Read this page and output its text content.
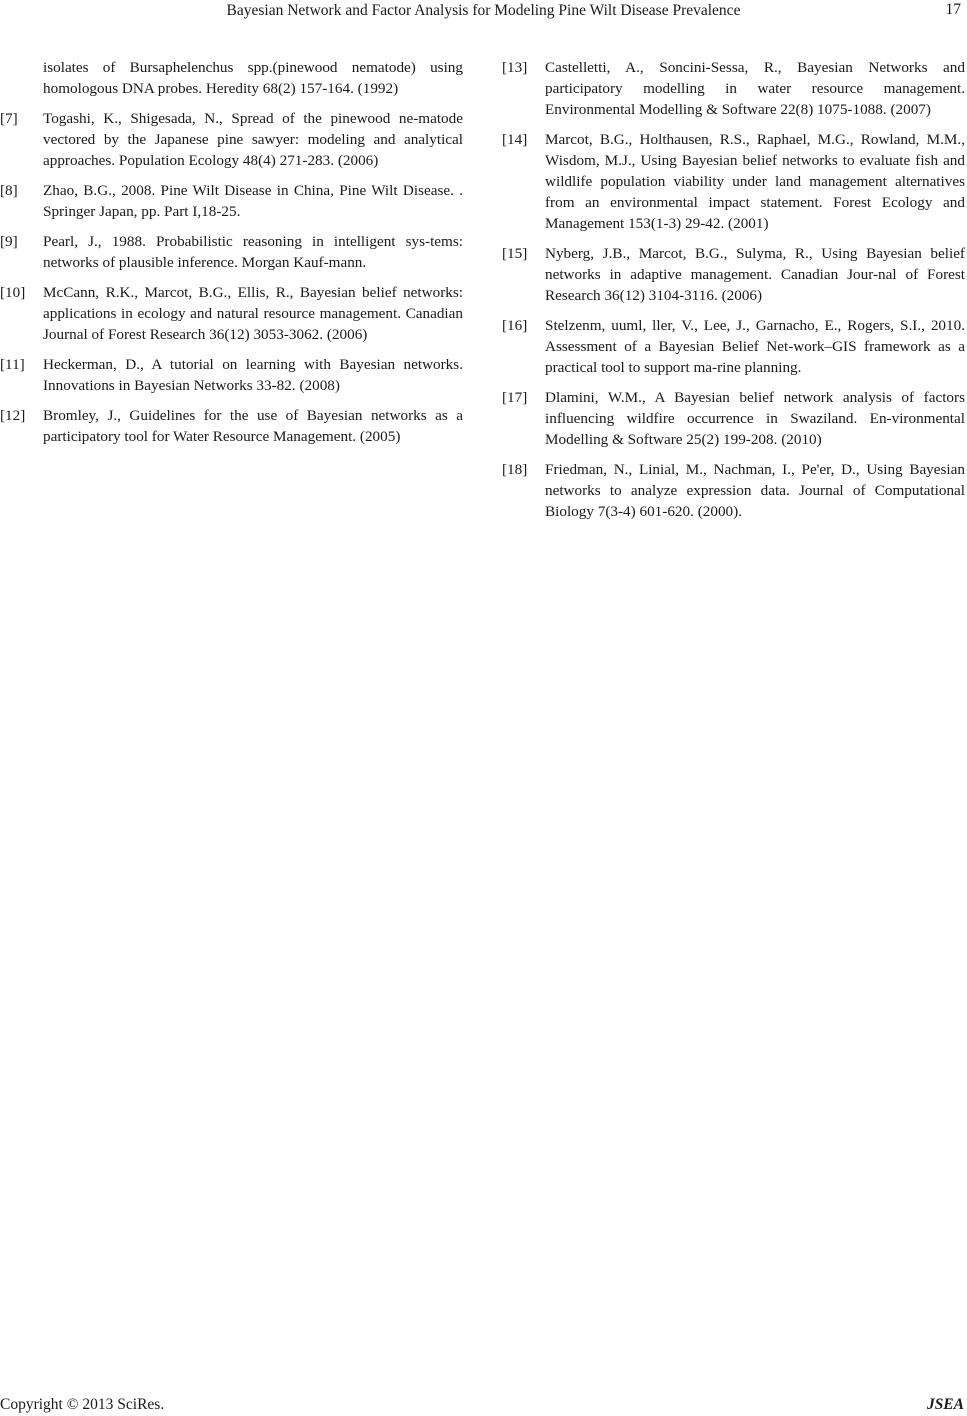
Bayesian Network and Factor Analysis for Modeling Pine Wilt Disease Prevalence	17
isolates of Bursaphelenchus spp.(pinewood nematode) using homologous DNA probes. Heredity 68(2) 157-164. (1992)
[7] Togashi, K., Shigesada, N., Spread of the pinewood ne-matode vectored by the Japanese pine sawyer: modeling and analytical approaches. Population Ecology 48(4) 271-283. (2006)
[8] Zhao, B.G., 2008. Pine Wilt Disease in China, Pine Wilt Disease. . Springer Japan, pp. Part I,18-25.
[9] Pearl, J., 1988. Probabilistic reasoning in intelligent sys-tems: networks of plausible inference. Morgan Kauf-mann.
[10] McCann, R.K., Marcot, B.G., Ellis, R., Bayesian belief networks: applications in ecology and natural resource management. Canadian Journal of Forest Research 36(12) 3053-3062. (2006)
[11] Heckerman, D., A tutorial on learning with Bayesian networks. Innovations in Bayesian Networks 33-82. (2008)
[12] Bromley, J., Guidelines for the use of Bayesian networks as a participatory tool for Water Resource Management. (2005)
[13] Castelletti, A., Soncini-Sessa, R., Bayesian Networks and participatory modelling in water resource management. Environmental Modelling & Software 22(8) 1075-1088. (2007)
[14] Marcot, B.G., Holthausen, R.S., Raphael, M.G., Rowland, M.M., Wisdom, M.J., Using Bayesian belief networks to evaluate fish and wildlife population viability under land management alternatives from an environmental impact statement. Forest Ecology and Management 153(1-3) 29-42. (2001)
[15] Nyberg, J.B., Marcot, B.G., Sulyma, R., Using Bayesian belief networks in adaptive management. Canadian Jour-nal of Forest Research 36(12) 3104-3116. (2006)
[16] Stelzenm, uuml, ller, V., Lee, J., Garnacho, E., Rogers, S.I., 2010. Assessment of a Bayesian Belief Net-work–GIS framework as a practical tool to support ma-rine planning.
[17] Dlamini, W.M., A Bayesian belief network analysis of factors influencing wildfire occurrence in Swaziland. En-vironmental Modelling & Software 25(2) 199-208. (2010)
[18] Friedman, N., Linial, M., Nachman, I., Pe'er, D., Using Bayesian networks to analyze expression data. Journal of Computational Biology 7(3-4) 601-620. (2000).
Copyright © 2013 SciRes.	JSEA
